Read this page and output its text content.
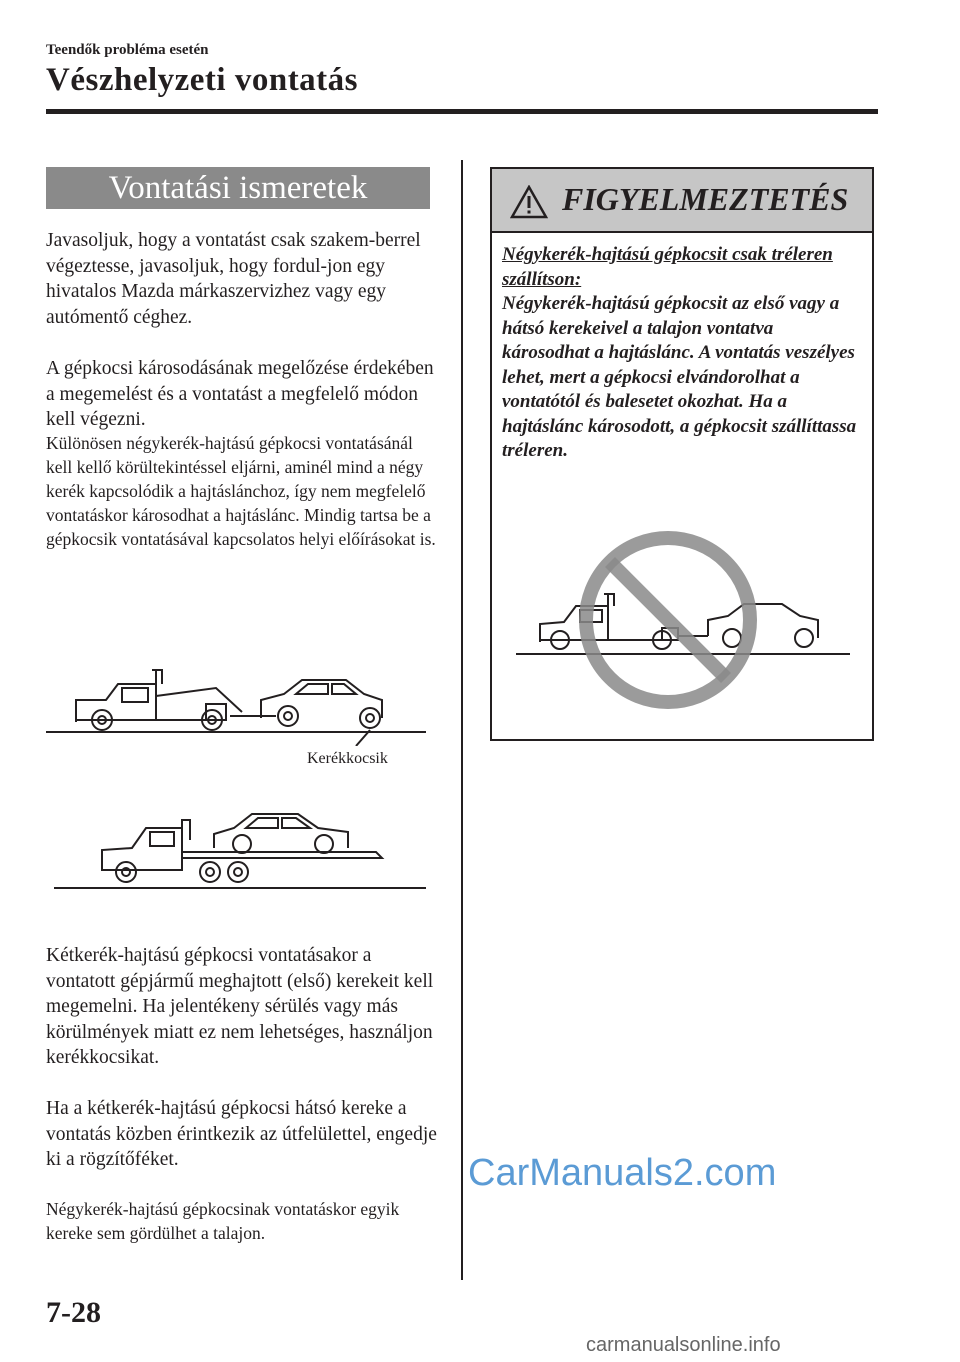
Teendők probléma esetén
Vészhelyzeti vontatás
Vontatási ismeretek
Javasoljuk, hogy a vontatást csak szakem-berrel végeztesse, javasoljuk, hogy fordul-jon egy hivatalos Mazda márkaszervizhez vagy egy autómentő céghez.
A gépkocsi károsodásának megelőzése érdekében a megemelést és a vontatást a megfelelő módon kell végezni.
Különösen négykerék-hajtású gépkocsi vontatásánál kell kellő körültekintéssel eljárni, aminél mind a négy kerék kapcsolódik a hajtáslánchoz, így nem megfelelő vontatáskor károsodhat a hajtáslánc. Mindig tartsa be a gépkocsik vontatásával kapcsolatos helyi előírásokat is.
Kerékkocsik
Kétkerék-hajtású gépkocsi vontatásakor a vontatott gépjármű meghajtott (első) kerekeit kell megemelni. Ha jelentékeny sérülés vagy más körülmények miatt ez nem lehetséges, használjon kerékkocsikat.
Ha a kétkerék-hajtású gépkocsi hátsó kereke a vontatás közben érintkezik az útfelülettel, engedje ki a rögzítőféket.
Négykerék-hajtású gépkocsinak vontatáskor egyik kereke sem gördülhet a talajon.
FIGYELMEZTETÉS
Négykerék-hajtású gépkocsit csak tréleren szállítson:
Négykerék-hajtású gépkocsit az első vagy a hátsó kerekeivel a talajon vontatva károsodhat a hajtáslánc. A vontatás veszélyes lehet, mert a gépkocsi elvándorolhat a vontatótól és balesetet okozhat. Ha a hajtáslánc károsodott, a gépkocsit szállíttassa tréleren.
7-28
CarManuals2.com
carmanualsonline.info
